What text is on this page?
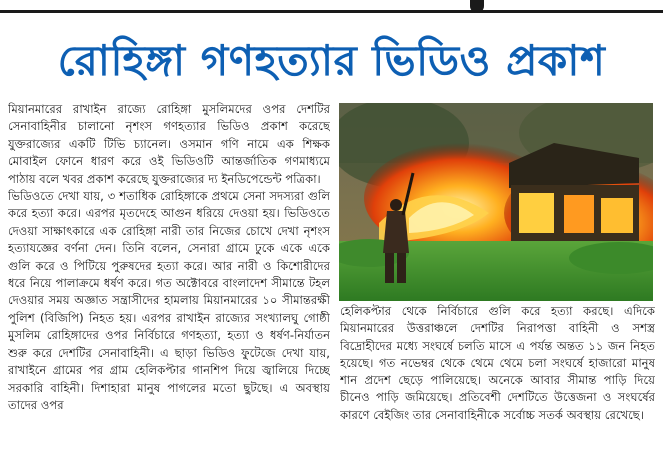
রোহিঙ্গা গণহত্যার ভিডিও প্রকাশ

মিয়ানমারের রাখাইন রাজ্যে রোহিঙ্গা মুসলিমদের ওপর দেশটির সেনাবাহিনীর চালানো নৃশংস গণহত্যার ভিডিও প্রকাশ করেছে যুক্তরাজ্যের একটি টিভি চ্যানেল। ওসমান গণি নামে এক শিক্ষক মোবাইল ফোনে ধারণ করে ওই ভিডিওটি আন্তর্জাতিক গণমাধ্যমে পাঠায় বলে খবর প্রকাশ করেছে যুক্তরাজ্যের দ্য ইনডিপেন্ডেন্ট পত্রিকা।

ভিডিওতে দেখা যায়, ৩ শতাধিক রোহিঙ্গাকে প্রথমে সেনা সদস্যরা গুলি করে হত্যা করে। এরপর মৃতদেহে আগুন ধরিয়ে দেওয়া হয়। ভিডিওতে দেওয়া সাক্ষাৎকারে এক রোহিঙ্গা নারী তার নিজের চোখে দেখা নৃশংস হত্যাযজ্ঞের বর্ণনা দেন। তিনি বলেন, সেনারা গ্রামে ঢুকে একে একে গুলি করে ও পিটিয়ে পুরুষদের হত্যা করে। আর নারী ও কিশোরীদের ধরে নিয়ে পালাক্রমে ধর্ষণ করে। গত অক্টোবরে বাংলাদেশ সীমান্তে টহল দেওয়ার সময় অজ্ঞাত সন্ত্রাসীদের হামলায় মিয়ানমারের ১০ সীমান্তরক্ষী পুলিশ (বিজিপি) নিহত হয়। এরপর রাখাইন রাজ্যের সংখ্যালঘু গোষ্ঠী মুসলিম রোহিঙ্গাদের ওপর নির্বিচারে গণহত্যা, হত্যা ও ধর্ষণ-নির্যাতন শুরু করে দেশটির সেনাবাহিনী। এ ছাড়া ভিডিও ফুটেজে দেখা যায়, রাখাইনে গ্রামের পর গ্রাম হেলিকপ্টার গানশিপ দিয়ে জ্বালিয়ে দিচ্ছে সরকারি বাহিনী। দিশাহারা মানুষ পাগলের মতো ছুটছে। এ অবস্থায় তাদের ওপর

হেলিকপ্টার থেকে নির্বিচারে গুলি করে হত্যা করছে। এদিকে মিয়ানমারের উত্তরাঞ্চলে দেশটির নিরাপত্তা বাহিনী ও সশস্ত্র বিদ্রোহীদের মধ্যে সংঘর্ষে চলতি মাসে এ পর্যন্ত অন্তত ১১ জন নিহত হয়েছে। গত নভেম্বর থেকে থেমে থেমে চলা সংঘর্ষে হাজারো মানুষ শান প্রদেশ ছেড়ে পালিয়েছে। অনেকে আবার সীমান্ত পাড়ি দিয়ে চীনেও পাড়ি জমিয়েছে। প্রতিবেশী দেশটিতে উত্তেজনা ও সংঘর্ষের কারণে বেইজিং তার সেনাবাহিনীকে সর্বোচ্চ সতর্ক অবস্থায় রেখেছে।
